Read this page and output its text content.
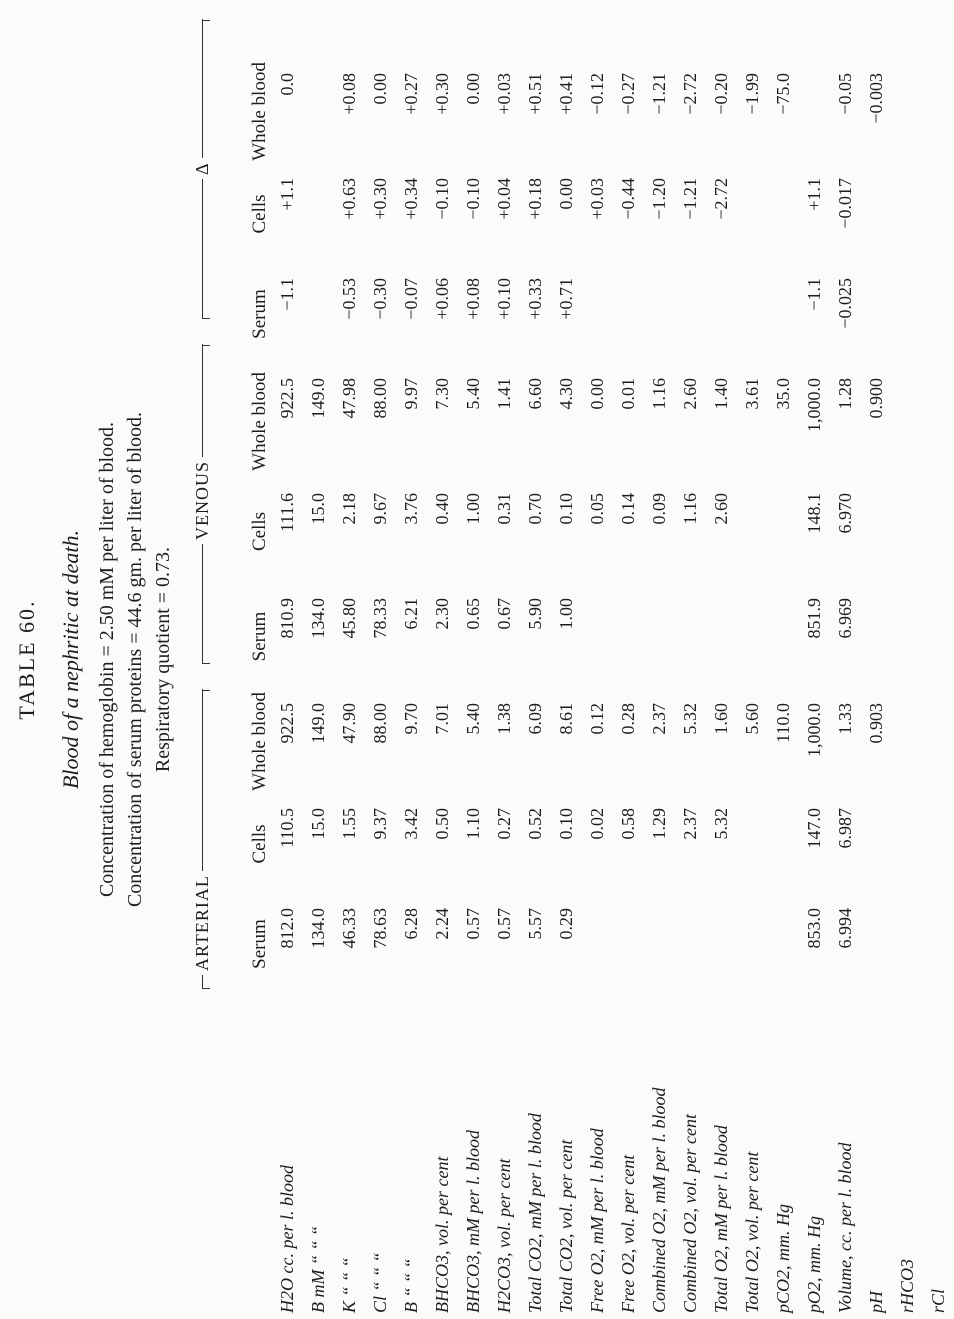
TABLE 60. Blood of a nephritic at death. Concentration of hemoglobin = 2.50 mM per liter of blood. Concentration of serum proteins = 44.6 gm. per liter of blood. Respiratory quotient = 0.73.
ARTERIAL
VENOUS
Δ
	Serum	Cells	Whole blood	Serum	Cells	Whole blood	Serum	Cells	Whole blood
H2O cc. per l. blood	812.0	110.5	922.5	810.9	111.6	922.5	−1.1	+1.1	0.0
B mM “ “ “	134.0	15.0	149.0	134.0	15.0	149.0			
K “ “ “	46.33	1.55	47.90	45.80	2.18	47.98	−0.53	+0.63	+0.08
Cl “ “ “	78.63	9.37	88.00	78.33	9.67	88.00	−0.30	+0.30	0.00
B “ “ “	6.28	3.42	9.70	6.21	3.76	9.97	−0.07	+0.34	+0.27
BHCO3, vol. per cent	2.24	0.50	7.01	2.30	0.40	7.30	+0.06	−0.10	+0.30
BHCO3, mM per l. blood	0.57	1.10	5.40	0.65	1.00	5.40	+0.08	−0.10	0.00
H2CO3, vol. per cent	0.57	0.27	1.38	0.67	0.31	1.41	+0.10	+0.04	+0.03
Total CO2, mM per l. blood	5.57	0.52	6.09	5.90	0.70	6.60	+0.33	+0.18	+0.51
Total CO2, vol. per cent	0.29	0.10	8.61	1.00	0.10	4.30	+0.71	0.00	+0.41
Free O2, mM per l. blood		0.02	0.12		0.05	0.00		+0.03	−0.12
Free O2, vol. per cent		0.58	0.28		0.14	0.01		−0.44	−0.27
Combined O2, mM per l. blood		1.29	2.37		0.09	1.16		−1.20	−1.21
Combined O2, vol. per cent		2.37	5.32		1.16	2.60		−1.21	−2.72
Total O2, mM per l. blood		5.32	1.60		2.60	1.40		−2.72	−0.20
Total O2, vol. per cent			5.60			3.61			−1.99
pCO2, mm. Hg			110.0			35.0			−75.0
pO2, mm. Hg	853.0	147.0	1,000.0	851.9	148.1	1,000.0	−1.1	+1.1	
Volume, cc. per l. blood	6.994	6.987	1.33	6.969	6.970	1.28	−0.025	−0.017	−0.05
pH			0.903			0.900			−0.003
rHCO3									
rCl									
